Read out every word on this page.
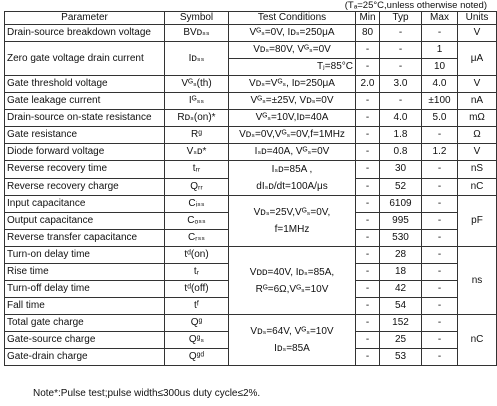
(Tₐ=25°C,unless otherwise noted)
Parameter	Symbol	Test Conditions	Min	Typ	Max	Units
Drain-source breakdown voltage	BVᴅₛₛ	Vᴳₛ=0V, Iᴅₛ=250μA	80	-	-	V
Zero gate voltage drain current	Iᴅₛₛ	Vᴅₛ=80V, Vᴳₛ=0V	-	-	1	μA
		Tⱼ=85°C	-	-	10	
Gate threshold voltage	Vᴳₛ(th)	Vᴅₛ=Vᴳₛ, Iᴅ=250μA	2.0	3.0	4.0	V
Gate leakage current	Iᴳₛₛ	Vᴳₛ=±25V, Vᴅₛ=0V	-	-	±100	nA
Drain-source on-state resistance	Rᴅₛ(on)*	Vᴳₛ=10V,Iᴅ=40A	-	4.0	5.0	mΩ
Gate resistance	Rᵍ	Vᴅₛ=0V,Vᴳₛ=0V,f=1MHz	-	1.8	-	Ω
Diode forward voltage	Vₛᴅ*	Iₛᴅ=40A, Vᴳₛ=0V	-	0.8	1.2	V
Reverse recovery time	tᵣᵣ	Iₛᴅ=85A ,
dIₛᴅ/dt=100A/μs	-	30	-	nS
Reverse recovery charge	Qᵣᵣ		-	52	-	nC
Input capacitance	Cᵢₛₛ	Vᴅₛ=25V,Vᴳₛ=0V,
f=1MHz	-	6109	-	pF
Output capacitance	Cₒₛₛ		-	995	-	
Reverse transfer capacitance	Cᵣₛₛ		-	530	-	
Turn-on delay time	tᵈ(on)	Vᴅᴅ=40V, Iᴅₛ=85A,
Rᴳ=6Ω,Vᴳₛ=10V	-	28	-	ns
Rise time	tᵣ		-	18	-	
Turn-off delay time	tᵈ(off)		-	42	-	
Fall time	tᶠ		-	54	-	
Total gate charge	Qᵍ	Vᴅₛ=64V, Vᴳₛ=10V
Iᴅₛ=85A	-	152	-	nC
Gate-source charge	Qᵍₛ		-	25	-	
Gate-drain charge	Qᵍᵈ		-	53	-	
Note*:Pulse test;pulse width≤300us duty cycle≤2%.
